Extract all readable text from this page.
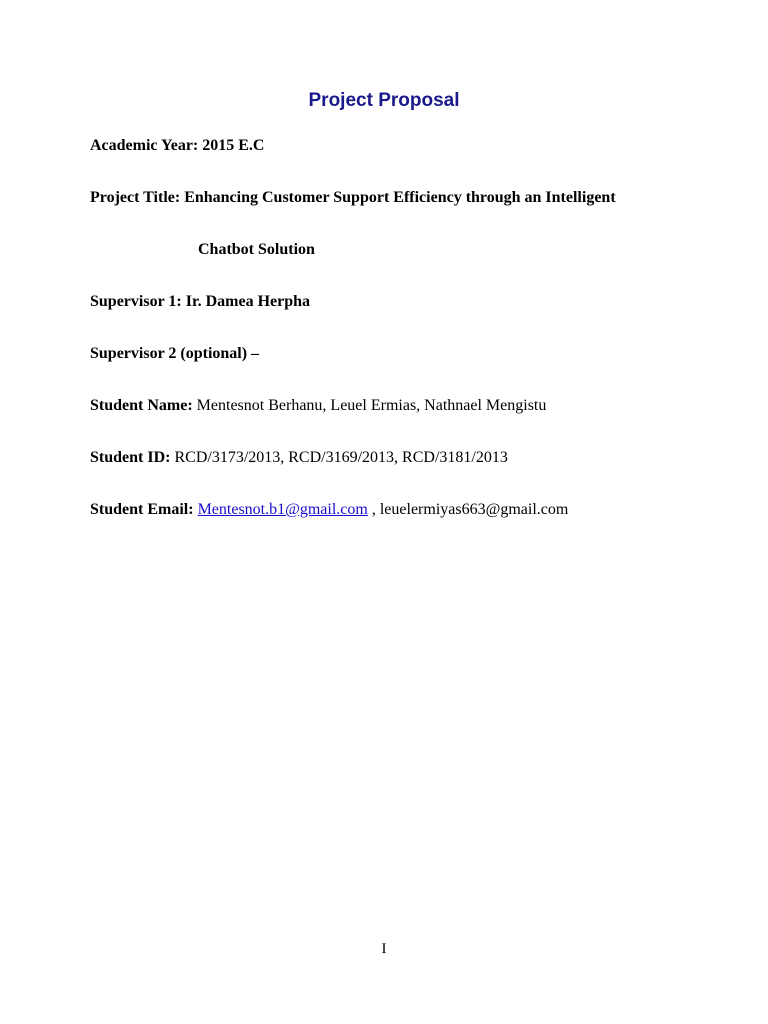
Project Proposal
Academic Year: 2015 E.C
Project Title: Enhancing Customer Support Efficiency through an Intelligent
Chatbot Solution
Supervisor 1: Ir. Damea Herpha
Supervisor 2 (optional) –
Student Name: Mentesnot Berhanu, Leuel Ermias, Nathnael Mengistu
Student ID: RCD/3173/2013, RCD/3169/2013, RCD/3181/2013
Student Email: Mentesnot.b1@gmail.com , leuelermiyas663@gmail.com
I
